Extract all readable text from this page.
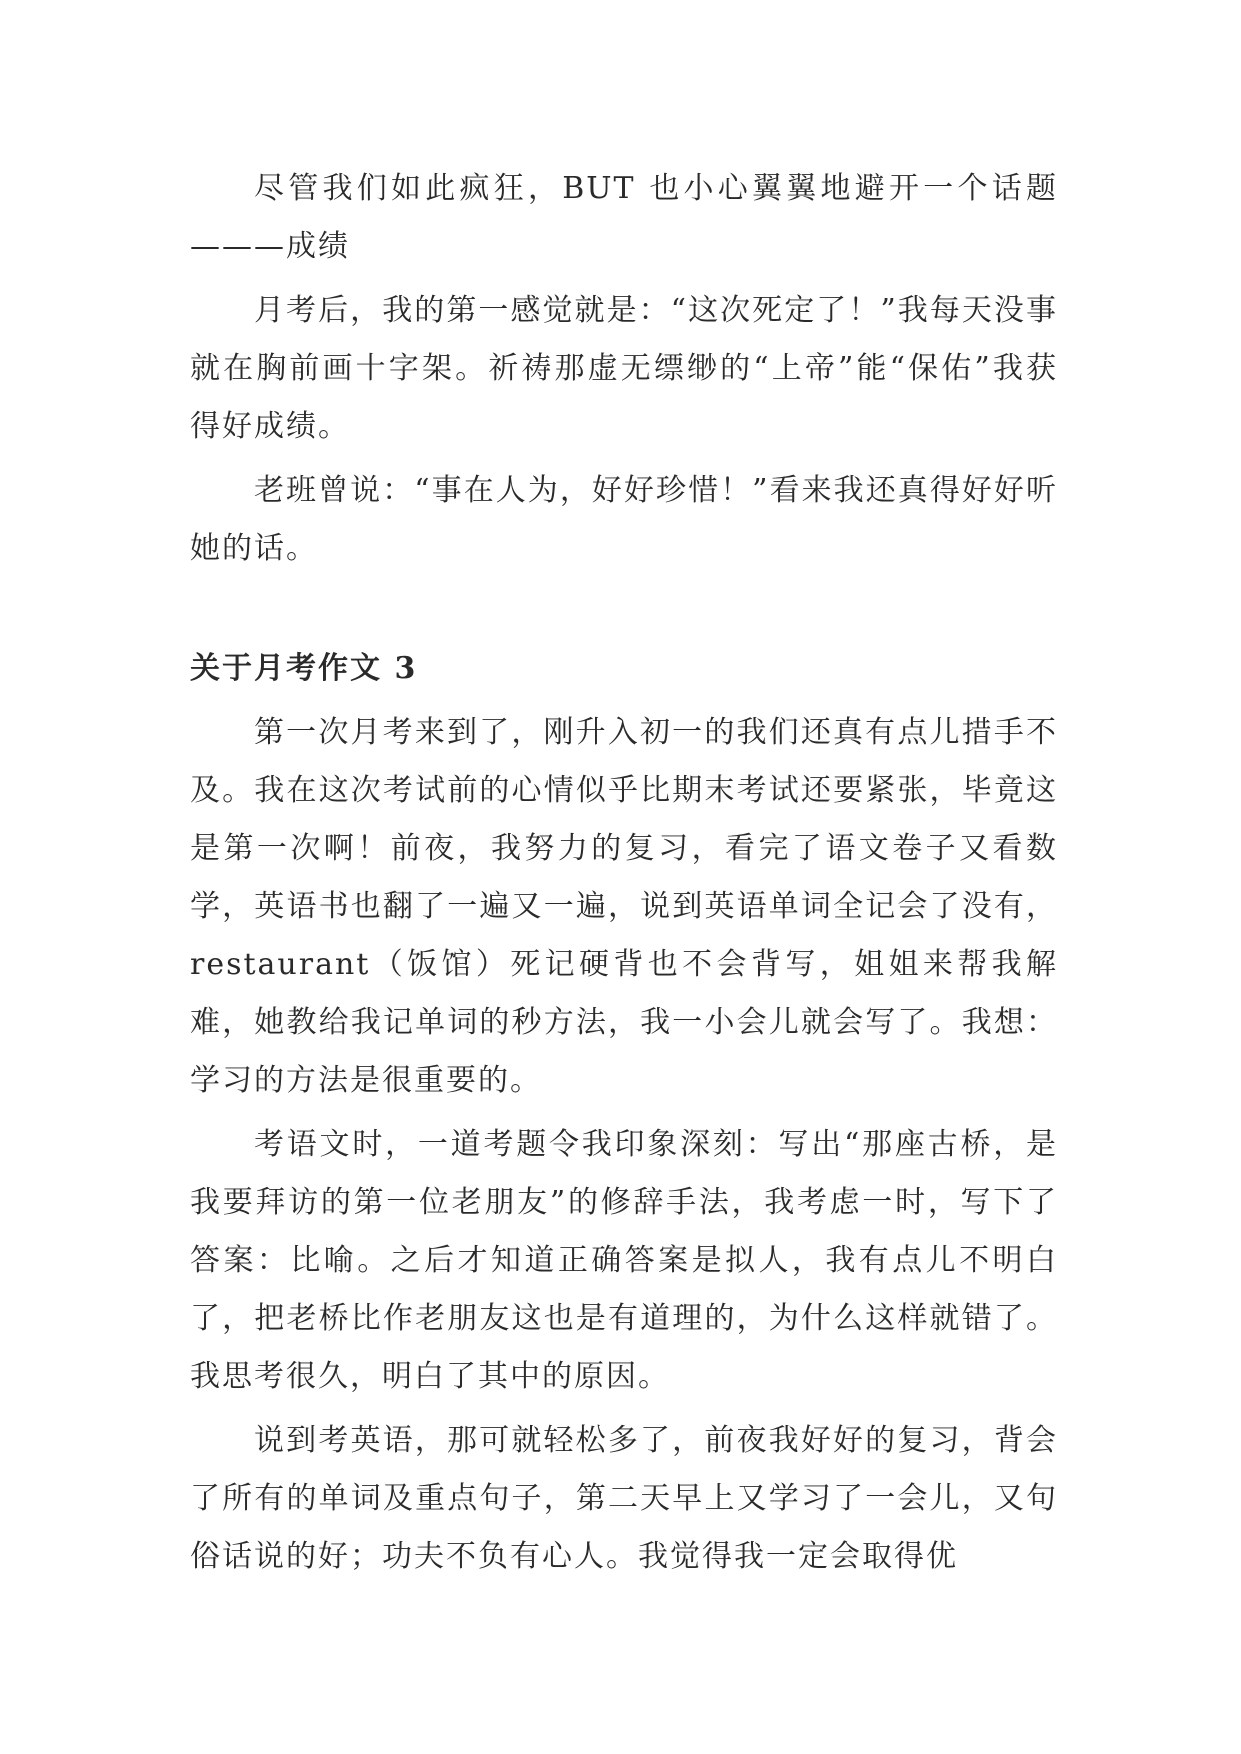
尽管我们如此疯狂，BUT 也小心翼翼地避开一个话题———成绩

月考后，我的第一感觉就是：“这次死定了！”我每天没事就在胸前画十字架。祈祷那虚无缥缈的“上帝”能“保佑”我获得好成绩。

老班曾说：“事在人为，好好珍惜！”看来我还真得好好听她的话。

关于月考作文 3

第一次月考来到了，刚升入初一的我们还真有点儿措手不及。我在这次考试前的心情似乎比期末考试还要紧张，毕竟这是第一次啊！前夜，我努力的复习，看完了语文卷子又看数学，英语书也翻了一遍又一遍，说到英语单词全记会了没有，restaurant（饭馆）死记硬背也不会背写，姐姐来帮我解难，她教给我记单词的秒方法，我一小会儿就会写了。我想：学习的方法是很重要的。

考语文时，一道考题令我印象深刻：写出“那座古桥，是我要拜访的第一位老朋友”的修辞手法，我考虑一时，写下了答案：比喻。之后才知道正确答案是拟人，我有点儿不明白了，把老桥比作老朋友这也是有道理的，为什么这样就错了。我思考很久，明白了其中的原因。

说到考英语，那可就轻松多了，前夜我好好的复习，背会了所有的单词及重点句子，第二天早上又学习了一会儿，又句俗话说的好；功夫不负有心人。我觉得我一定会取得优
